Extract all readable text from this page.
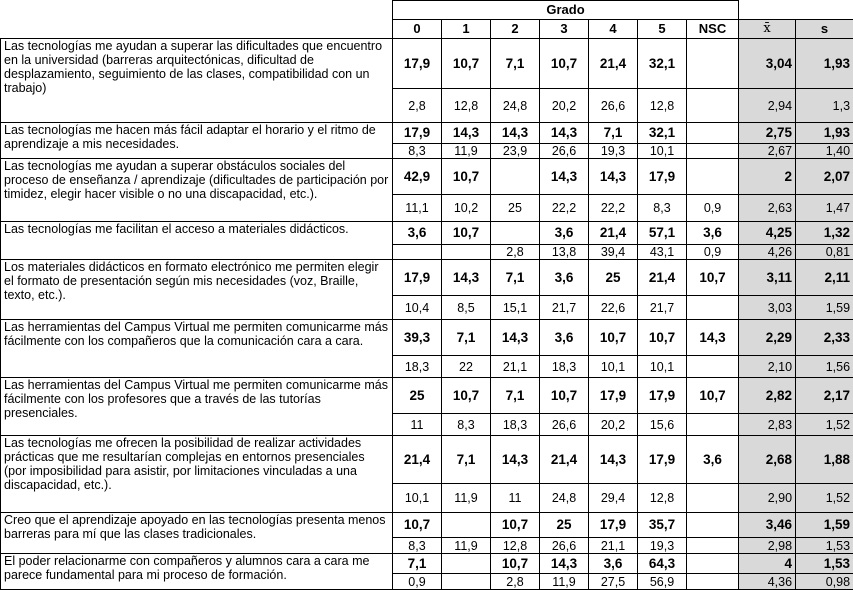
	Grado								
	0	1	2	3	4	5	NSC	x̄	s
Las tecnologías me ayudan a superar las dificultades que encuentro en la universidad (barreras arquitectónicas, dificultad de desplazamiento, seguimiento de las clases, compatibilidad con un trabajo)	17,9	10,7	7,1	10,7	21,4	32,1		3,04	1,93
	2,8	12,8	24,8	20,2	26,6	12,8		2,94	1,3
Las tecnologías me hacen más fácil adaptar el horario y el ritmo de aprendizaje a mis necesidades.	17,9	14,3	14,3	14,3	7,1	32,1		2,75	1,93
	8,3	11,9	23,9	26,6	19,3	10,1		2,67	1,40
Las tecnologías me ayudan a superar obstáculos sociales del proceso de enseñanza / aprendizaje (dificultades de participación por timidez, elegir hacer visible o no una discapacidad, etc.).	42,9	10,7		14,3	14,3	17,9		2	2,07
	11,1	10,2	25	22,2	22,2	8,3	0,9	2,63	1,47
Las tecnologías me facilitan el acceso a materiales didácticos.	3,6	10,7		3,6	21,4	57,1	3,6	4,25	1,32
			2,8	13,8	39,4	43,1	0,9	4,26	0,81
Los materiales didácticos en formato electrónico me permiten elegir el formato de presentación según mis necesidades (voz, Braille, texto, etc.).	17,9	14,3	7,1	3,6	25	21,4	10,7	3,11	2,11
	10,4	8,5	15,1	21,7	22,6	21,7		3,03	1,59
Las herramientas del Campus Virtual me permiten comunicarme más fácilmente con los compañeros que la comunicación cara a cara.	39,3	7,1	14,3	3,6	10,7	10,7	14,3	2,29	2,33
	18,3	22	21,1	18,3	10,1	10,1		2,10	1,56
Las herramientas del Campus Virtual me permiten comunicarme más fácilmente con los profesores que a través de las tutorías presenciales.	25	10,7	7,1	10,7	17,9	17,9	10,7	2,82	2,17
	11	8,3	18,3	26,6	20,2	15,6		2,83	1,52
Las tecnologías me ofrecen la posibilidad de realizar actividades prácticas que me resultarían complejas en entornos presenciales (por imposibilidad para asistir, por limitaciones vinculadas a una discapacidad, etc.).	21,4	7,1	14,3	21,4	14,3	17,9	3,6	2,68	1,88
	10,1	11,9	11	24,8	29,4	12,8		2,90	1,52
Creo que el aprendizaje apoyado en las tecnologías presenta menos barreras para mí que las clases tradicionales.	10,7		10,7	25	17,9	35,7		3,46	1,59
	8,3	11,9	12,8	26,6	21,1	19,3		2,98	1,53
El poder relacionarme con compañeros y alumnos cara a cara me parece fundamental para mi proceso de formación.	7,1		10,7	14,3	3,6	64,3		4	1,53
	0,9		2,8	11,9	27,5	56,9		4,36	0,98
